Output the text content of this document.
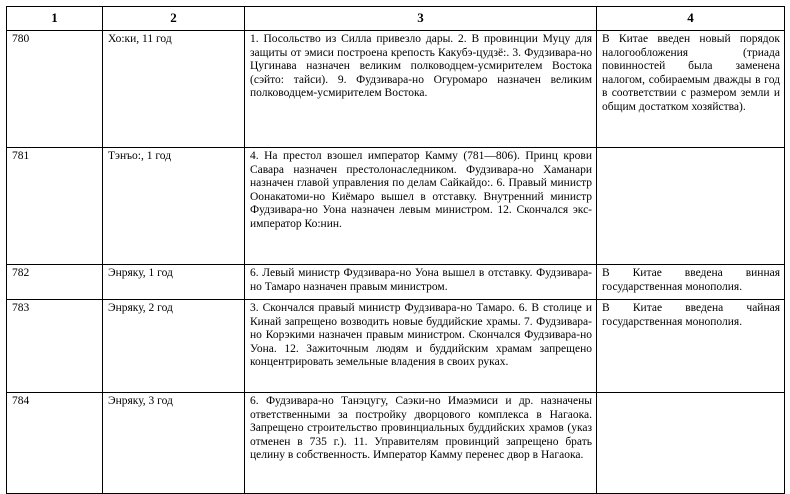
1	2	3	4
780	Хо:ки, 11 год	1. Посольство из Силла привезло дары. 2. В провинции Муцу для защиты от эмиси построена крепость Какубэ-цудзё:. 3. Фудзивара-но Цугинава назначен великим полководцем-усмирителем Востока (сэйто: тайси). 9. Фудзивара-но Огуромаро назначен великим полководцем-усмирителем Востока.	В Китае введен новый порядок налогообложения (триада повинностей была заменена налогом, собираемым дважды в год в соответствии с размером земли и общим достатком хозяйства).
781	Тэнъо:, 1 год	4. На престол взошел император Камму (781—806). Принц крови Савара назначен престолонаследником. Фудзивара-но Хаманари назначен главой управления по делам Сайкайдо:. 6. Правый министр Оонакатоми-но Киёмаро вышел в отставку. Внутренний министр Фудзивара-но Уона назначен левым министром. 12. Скончался экс-император Ко:нин.	
782	Энряку, 1 год	6. Левый министр Фудзивара-но Уона вышел в отставку. Фудзивара-но Тамаро назначен правым министром.	В Китае введена винная государственная монополия.
783	Энряку, 2 год	3. Скончался правый министр Фудзивара-но Тамаро. 6. В столице и Кинай запрещено возводить новые буддийские храмы. 7. Фудзивара-но Корэкими назначен правым министром. Скончался Фудзивара-но Уона. 12. Зажиточным людям и буддийским храмам запрещено концентрировать земельные владения в своих руках.	В Китае введена чайная государственная монополия.
784	Энряку, 3 год	6. Фудзивара-но Танэцугу, Саэки-но Имаэмиси и др. назначены ответственными за постройку дворцового комплекса в Нагаока. Запрещено строительство провинциальных буддийских храмов (указ отменен в 735 г.). 11. Управителям провинций запрещено брать целину в собственность. Император Камму перенес двор в Нагаока.	
